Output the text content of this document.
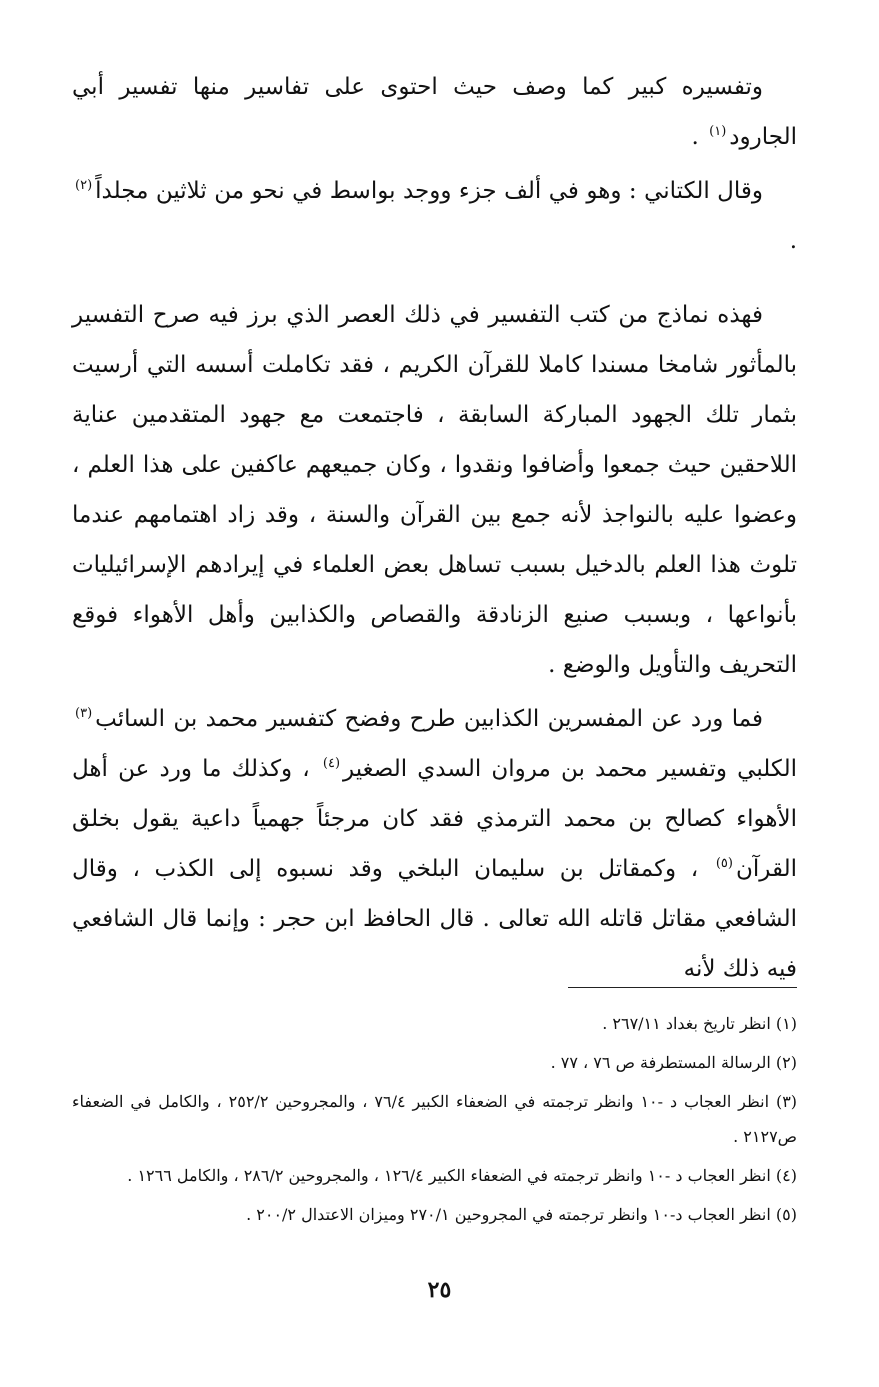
وتفسيره كبير كما وصف حيث احتوى على تفاسير منها تفسير أبي الجارود$^{(١)}$ .

وقال الكتاني : وهو في ألف جزء ووجد بواسط في نحو من ثلاثين مجلداً$^{(٢)}$ .

فهذه نماذج من كتب التفسير في ذلك العصر الذي برز فيه صرح التفسير بالمأثور شامخا مسندا كاملا للقرآن الكريم ، فقد تكاملت أسسه التي أرسيت بثمار تلك الجهود المباركة السابقة ، فاجتمعت مع جهود المتقدمين عناية اللاحقين حيث جمعوا وأضافوا ونقدوا ، وكان جميعهم عاكفين على هذا العلم ، وعضوا عليه بالنواجذ لأنه جمع بين القرآن والسنة ، وقد زاد اهتمامهم عندما تلوث هذا العلم بالدخيل بسبب تساهل بعض العلماء في إيرادهم الإسرائيليات بأنواعها ، وبسبب صنيع الزنادقة والقصاص والكذابين وأهل الأهواء فوقع التحريف والتأويل والوضع .

فما ورد عن المفسرين الكذابين طرح وفضح كتفسير محمد بن السائب$^{(٣)}$ الكلبي وتفسير محمد بن مروان السدي الصغير$^{(٤)}$ ، وكذلك ما ورد عن أهل الأهواء كصالح بن محمد الترمذي فقد كان مرجئاً جهمياً داعية يقول بخلق القرآن$^{(٥)}$ ، وكمقاتل بن سليمان البلخي وقد نسبوه إلى الكذب ، وقال الشافعي مقاتل قاتله الله تعالى . قال الحافظ ابن حجر : وإنما قال الشافعي فيه ذلك لأنه

(١) انظر تاريخ بغداد ٢٦٧/١١ .

(٢) الرسالة المستطرفة ص ٧٦ ، ٧٧ .

(٣) انظر العجاب د -١٠ وانظر ترجمته في الضعفاء الكبير ٧٦/٤ ، والمجروحين ٢٥٢/٢ ، والكامل في الضعفاء ص٢١٢٧ .

(٤) انظر العجاب د -١٠ وانظر ترجمته في الضعفاء الكبير ١٢٦/٤ ، والمجروحين ٢٨٦/٢ ، والكامل ١٢٦٦ .

(٥) انظر العجاب د-١٠ وانظر ترجمته في المجروحين ٢٧٠/١ وميزان الاعتدال ٢٠٠/٢ .

٢٥
